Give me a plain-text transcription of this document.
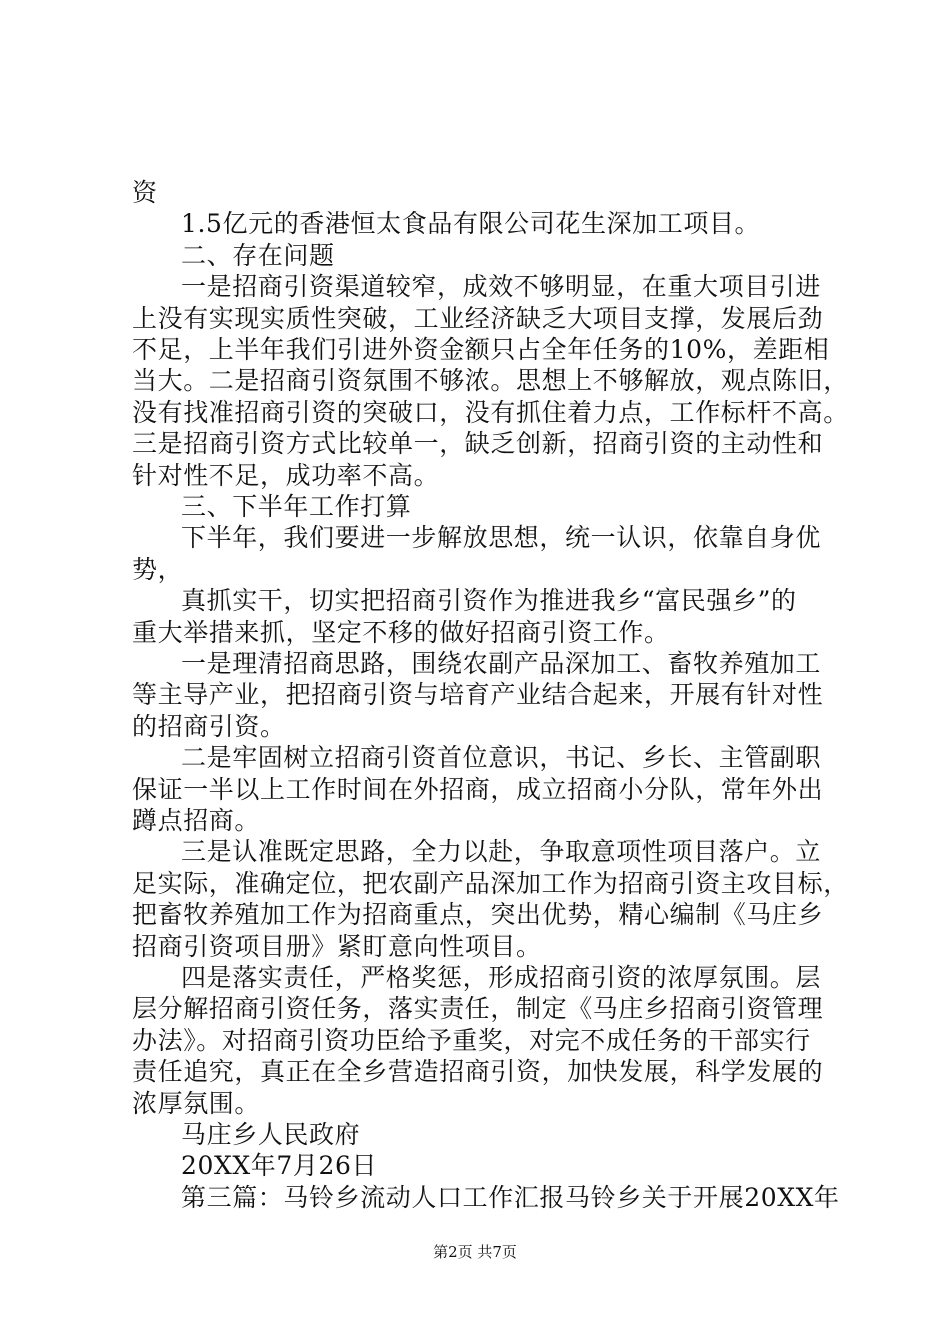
资
1.5亿元的香港恒太食品有限公司花生深加工项目。
二、存在问题
一是招商引资渠道较窄，成效不够明显，在重大项目引进
上没有实现实质性突破，工业经济缺乏大项目支撑，发展后劲
不足，上半年我们引进外资金额只占全年任务的10%，差距相
当大。二是招商引资氛围不够浓。思想上不够解放，观点陈旧，
没有找准招商引资的突破口，没有抓住着力点，工作标杆不高。
三是招商引资方式比较单一，缺乏创新，招商引资的主动性和
针对性不足，成功率不高。
三、下半年工作打算
下半年，我们要进一步解放思想，统一认识，依靠自身优
势，
真抓实干，切实把招商引资作为推进我乡“富民强乡”的
重大举措来抓，坚定不移的做好招商引资工作。
一是理清招商思路，围绕农副产品深加工、畜牧养殖加工
等主导产业，把招商引资与培育产业结合起来，开展有针对性
的招商引资。
二是牢固树立招商引资首位意识，书记、乡长、主管副职
保证一半以上工作时间在外招商，成立招商小分队，常年外出
蹲点招商。
三是认准既定思路，全力以赴，争取意项性项目落户。立
足实际，准确定位，把农副产品深加工作为招商引资主攻目标，
把畜牧养殖加工作为招商重点，突出优势，精心编制《马庄乡
招商引资项目册》紧盯意向性项目。
四是落实责任，严格奖惩，形成招商引资的浓厚氛围。层
层分解招商引资任务，落实责任，制定《马庄乡招商引资管理
办法》。对招商引资功臣给予重奖，对完不成任务的干部实行
责任追究，真正在全乡营造招商引资，加快发展，科学发展的
浓厚氛围。
马庄乡人民政府
20XX年7月26日
第三篇：马铃乡流动人口工作汇报马铃乡关于开展20XX年
第2页 共7页
